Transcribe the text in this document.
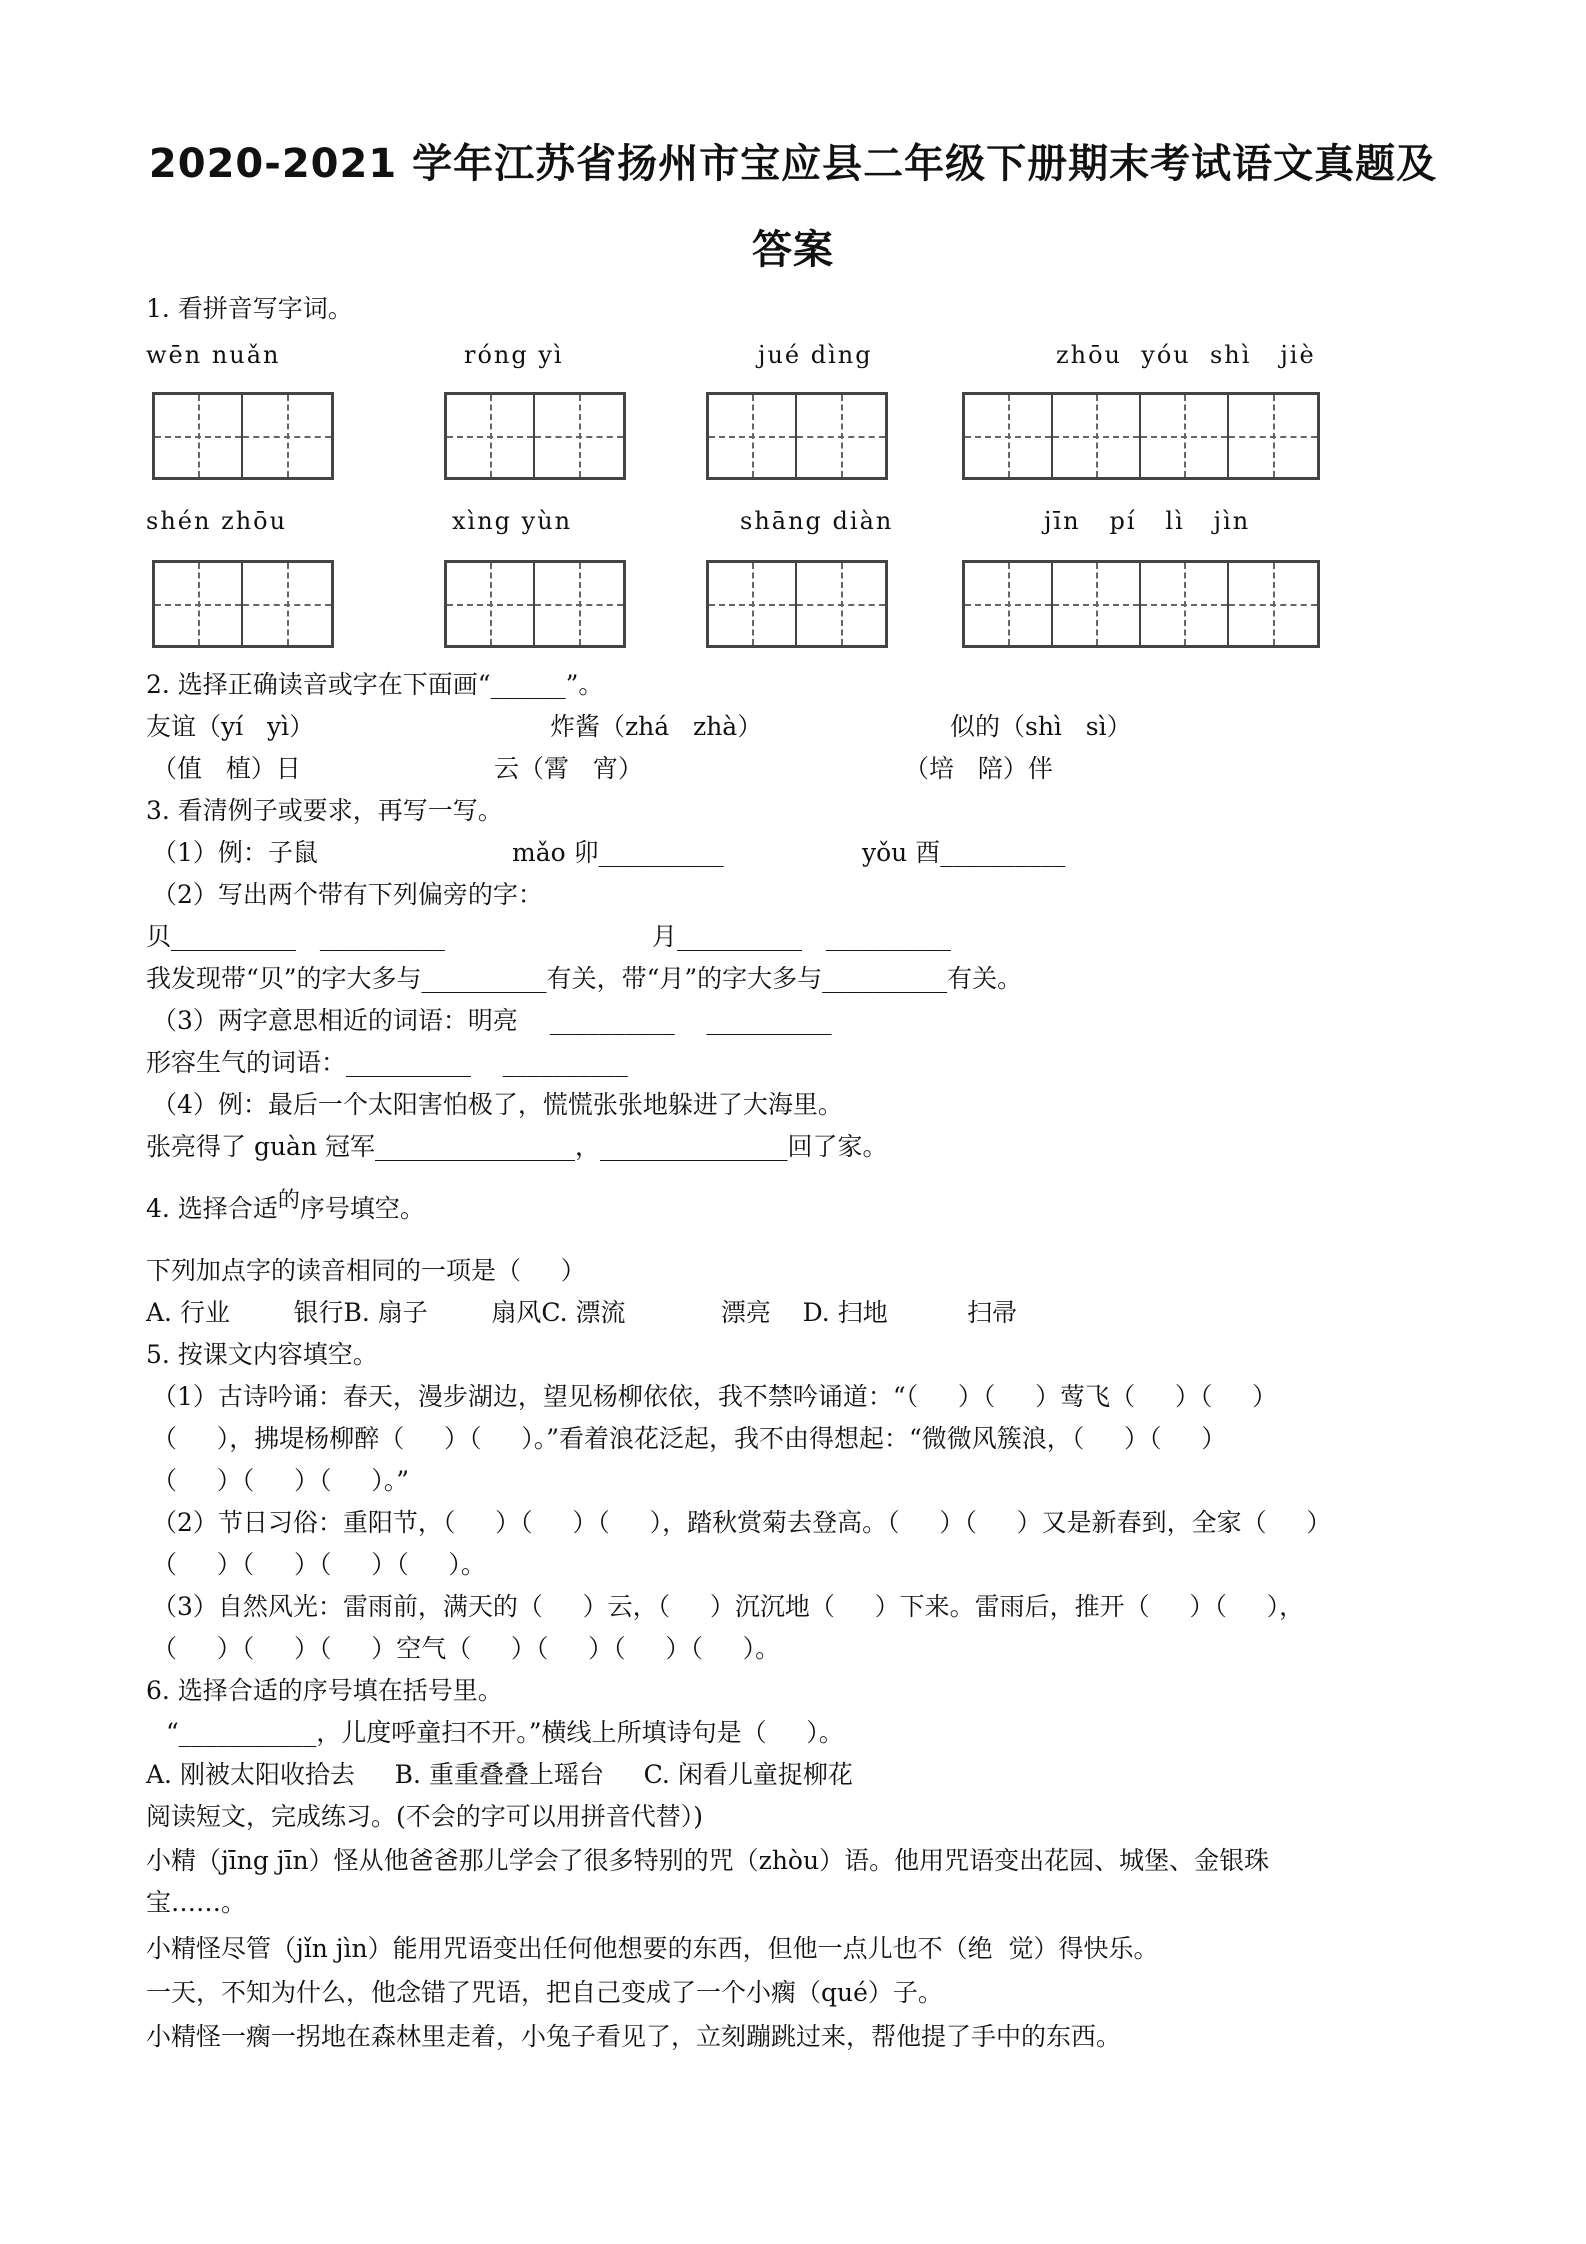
2020-2021 学年江苏省扬州市宝应县二年级下册期末考试语文真题及
答案
1. 看拼音写字词。
wēn nuǎn	róng yì	jué dìng	zhōu  yóu  shì   jiè
shén zhōu	xìng yùn	shāng diàn	jīn   pí   lì   jìn
2. 选择正确读音或字在下面画“______”。
友谊（yí   yì）	炸酱（zhá   zhà）	似的（shì   sì）
（值   植）日	云（霄   宵）	（培   陪）伴
3. 看清例子或要求，再写一写。
（1）例：子鼠	mǎo 卯__________	yǒu 酉__________
（2）写出两个带有下列偏旁的字：
贝__________   __________	月__________   __________
我发现带“贝”的字大多与__________有关，带“月”的字大多与__________有关。
（3）两字意思相近的词语：明亮    __________    __________
形容生气的词语：__________    __________
（4）例：最后一个太阳害怕极了，慌慌张张地躲进了大海里。
张亮得了 guàn 冠军________________，_______________回了家。
4. 选择合适的序号填空。
下列加点字的读音相同的一项是（     ）
A. 行业        银行B. 扇子        扇风C. 漂流            漂亮    D. 扫地          扫帚
5. 按课文内容填空。
（1）古诗吟诵：春天，漫步湖边，望见杨柳依依，我不禁吟诵道：“（     ）（     ）莺飞（     ）（     ）
（     ），拂堤杨柳醉（     ）（     ）。”看着浪花泛起，我不由得想起：“微微风簇浪，（     ）（     ）
（     ）（     ）（     ）。”
（2）节日习俗：重阳节，（     ）（     ）（     ），踏秋赏菊去登高。（     ）（     ）又是新春到，全家（     ）
（     ）（     ）（     ）（     ）。
（3）自然风光：雷雨前，满天的（     ）云，（     ）沉沉地（     ）下来。雷雨后，推开（     ）（     ），
（     ）（     ）（     ）空气（     ）（     ）（     ）（     ）。
6. 选择合适的序号填在括号里。
“___________，儿度呼童扫不开。”横线上所填诗句是（     ）。
A. 刚被太阳收拾去     B. 重重叠叠上瑶台     C. 闲看儿童捉柳花
阅读短文，完成练习。(不会的字可以用拼音代替）)
小精（jīng jīn）怪从他爸爸那儿学会了很多特别的咒（zhòu）语。他用咒语变出花园、城堡、金银珠
宝……。
小精怪尽管（jǐn jìn）能用咒语变出任何他想要的东西，但他一点儿也不（绝  觉）得快乐。
一天，不知为什么，他念错了咒语，把自己变成了一个小瘸（qué）子。
小精怪一瘸一拐地在森林里走着，小兔子看见了，立刻蹦跳过来，帮他提了手中的东西。
